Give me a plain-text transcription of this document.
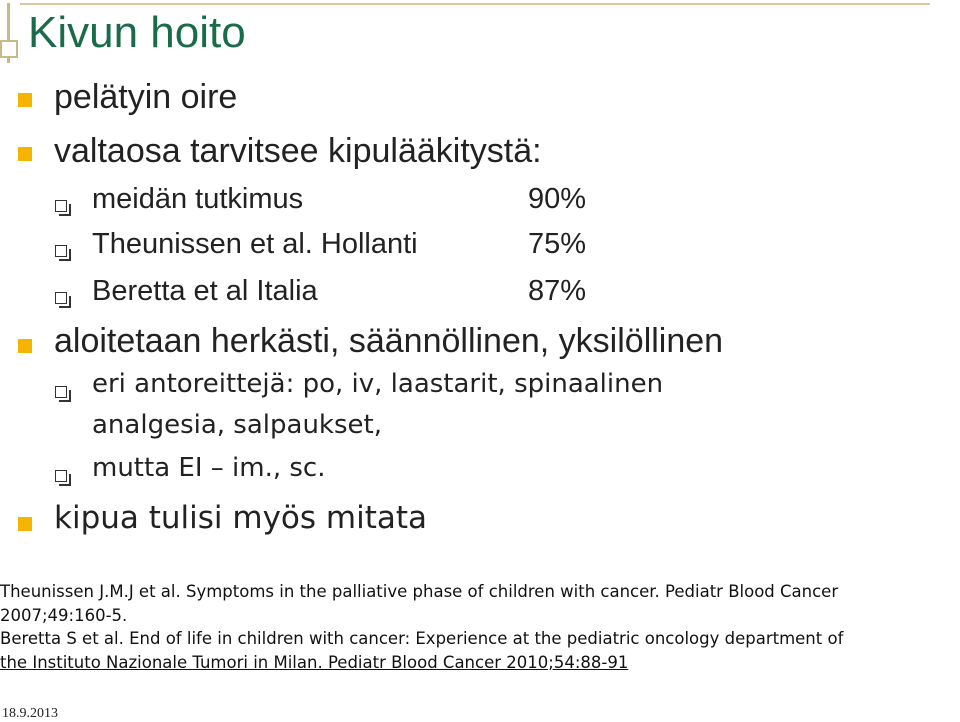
Kivun hoito
pelätyin oire
valtaosa tarvitsee kipulääkitystä:
meidän tutkimus	90%
Theunissen et al. Hollanti	75%
Beretta et al Italia	87%
aloitetaan herkästi, säännöllinen, yksilöllinen
eri antoreittejä: po, iv, laastarit, spinaalinen
analgesia, salpaukset,
mutta EI – im., sc.
kipua tulisi myös mitata
Theunissen J.M.J et al. Symptoms in the palliative phase of children with cancer. Pediatr Blood Cancer
2007;49:160-5.
Beretta S et al. End of life in children with cancer: Experience at the pediatric oncology department of
the Instituto Nazionale Tumori in Milan. Pediatr Blood Cancer 2010;54:88-91
18.9.2013
